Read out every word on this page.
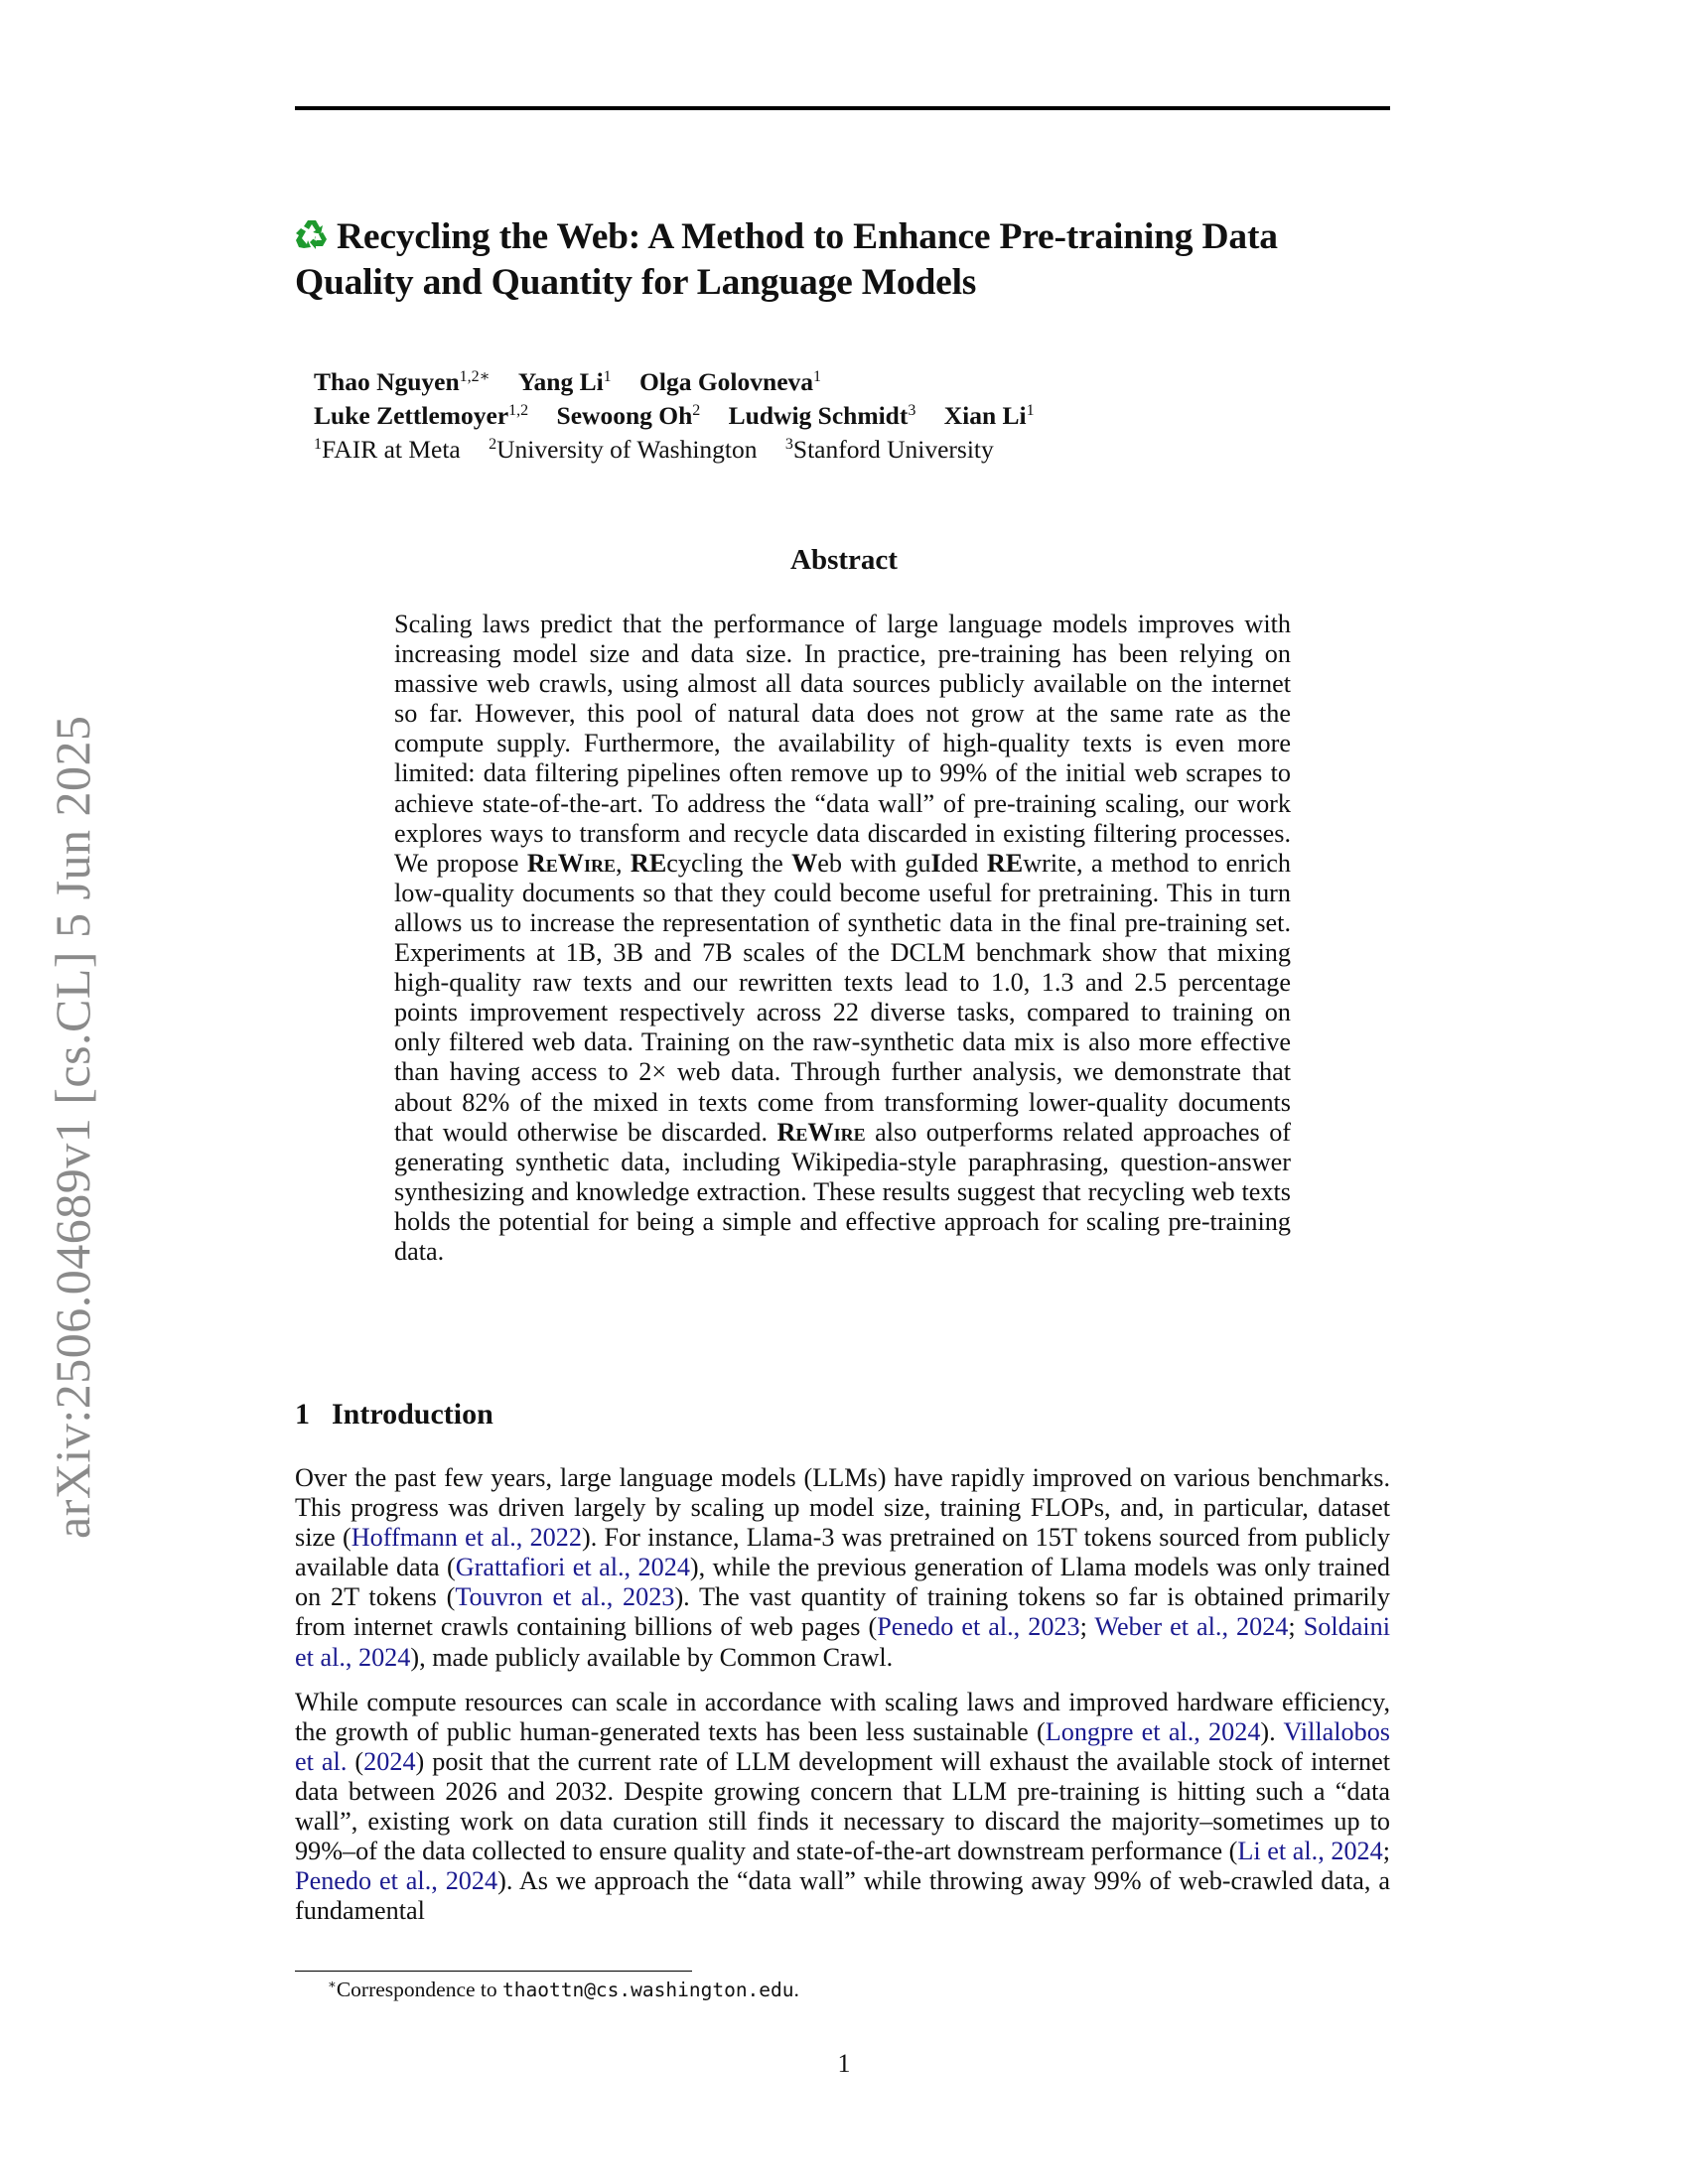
arXiv:2506.04689v1 [cs.CL] 5 Jun 2025
Recycling the Web: A Method to Enhance Pre-training Data
Quality and Quantity for Language Models
Thao Nguyen$^{1,2∗}$ Yang Li$^1$ Olga Golovneva$^1$
Luke Zettlemoyer$^{1,2}$ Sewoong Oh$^2$ Ludwig Schmidt$^3$ Xian Li$^1$
$^1$FAIR at Meta $^2$University of Washington $^3$Stanford University
Abstract
Scaling laws predict that the performance of large language models improves with increasing model size and data size. In practice, pre-training has been relying on massive web crawls, using almost all data sources publicly available on the internet so far. However, this pool of natural data does not grow at the same rate as the compute supply. Furthermore, the availability of high-quality texts is even more limited: data filtering pipelines often remove up to 99% of the initial web scrapes to achieve state-of-the-art. To address the “data wall” of pre-training scaling, our work explores ways to transform and recycle data discarded in existing filtering processes. We propose ReWire, REcycling the Web with guIded REwrite, a method to enrich low-quality documents so that they could become useful for pretraining. This in turn allows us to increase the representation of synthetic data in the final pre-training set. Experiments at 1B, 3B and 7B scales of the DCLM benchmark show that mixing high-quality raw texts and our rewritten texts lead to 1.0, 1.3 and 2.5 percentage points improvement respectively across 22 diverse tasks, compared to training on only filtered web data. Training on the raw-synthetic data mix is also more effective than having access to 2× web data. Through further analysis, we demonstrate that about 82% of the mixed in texts come from transforming lower-quality documents that would otherwise be discarded. ReWire also outperforms related approaches of generating synthetic data, including Wikipedia-style paraphrasing, question-answer synthesizing and knowledge extraction. These results suggest that recycling web texts holds the potential for being a simple and effective approach for scaling pre-training data.
1 Introduction

Over the past few years, large language models (LLMs) have rapidly improved on various benchmarks. This progress was driven largely by scaling up model size, training FLOPs, and, in particular, dataset size (Hoffmann et al., 2022). For instance, Llama-3 was pretrained on 15T tokens sourced from publicly available data (Grattafiori et al., 2024), while the previous generation of Llama models was only trained on 2T tokens (Touvron et al., 2023). The vast quantity of training tokens so far is obtained primarily from internet crawls containing billions of web pages (Penedo et al., 2023; Weber et al., 2024; Soldaini et al., 2024), made publicly available by Common Crawl.

While compute resources can scale in accordance with scaling laws and improved hardware efficiency, the growth of public human-generated texts has been less sustainable (Longpre et al., 2024). Villalobos et al. (2024) posit that the current rate of LLM development will exhaust the available stock of internet data between 2026 and 2032. Despite growing concern that LLM pre-training is hitting such a “data wall”, existing work on data curation still finds it necessary to discard the majority–sometimes up to 99%–of the data collected to ensure quality and state-of-the-art downstream performance (Li et al., 2024; Penedo et al., 2024). As we approach the “data wall” while throwing away 99% of web-crawled data, a fundamental

∗Correspondence to thaottn@cs.washington.edu.
1
